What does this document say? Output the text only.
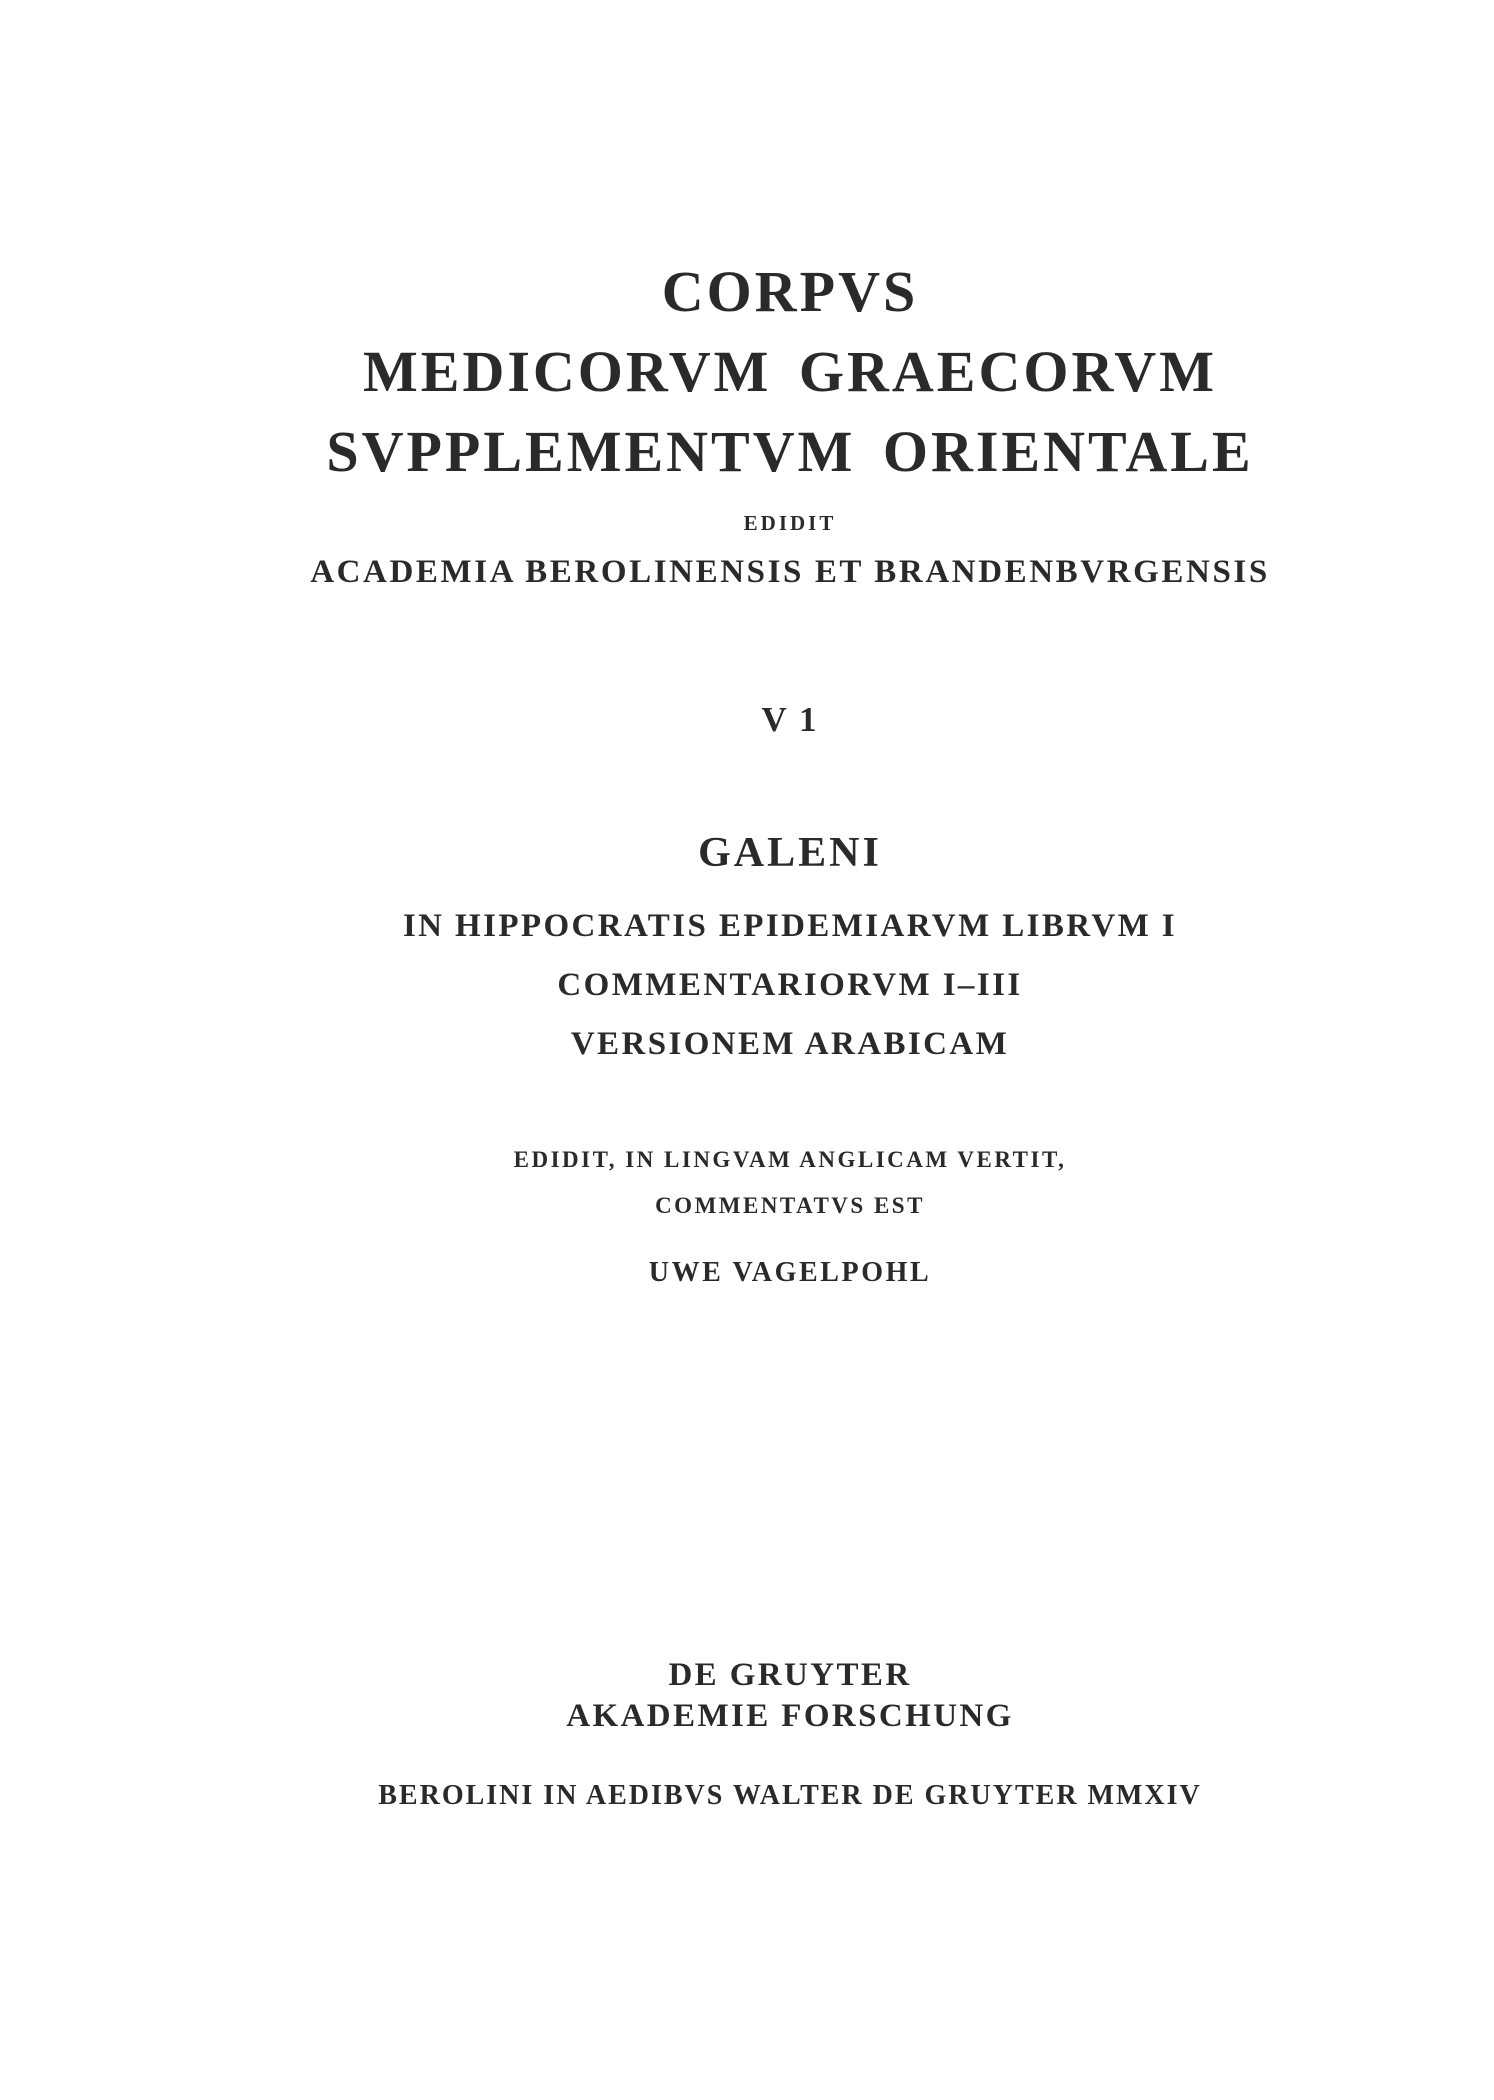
CORPVS
MEDICORVM GRAECORVM
SVPPLEMENTVM ORIENTALE
EDIDIT
ACADEMIA BEROLINENSIS ET BRANDENBVRGENSIS
V 1
GALENI
IN HIPPOCRATIS EPIDEMIARVM LIBRVM I
COMMENTARIORVM I–III
VERSIONEM ARABICAM
EDIDIT, IN LINGVAM ANGLICAM VERTIT,
COMMENTATVS EST
UWE VAGELPOHL
DE GRUYTER
AKADEMIE FORSCHUNG
BEROLINI IN AEDIBVS WALTER DE GRUYTER MMXIV
